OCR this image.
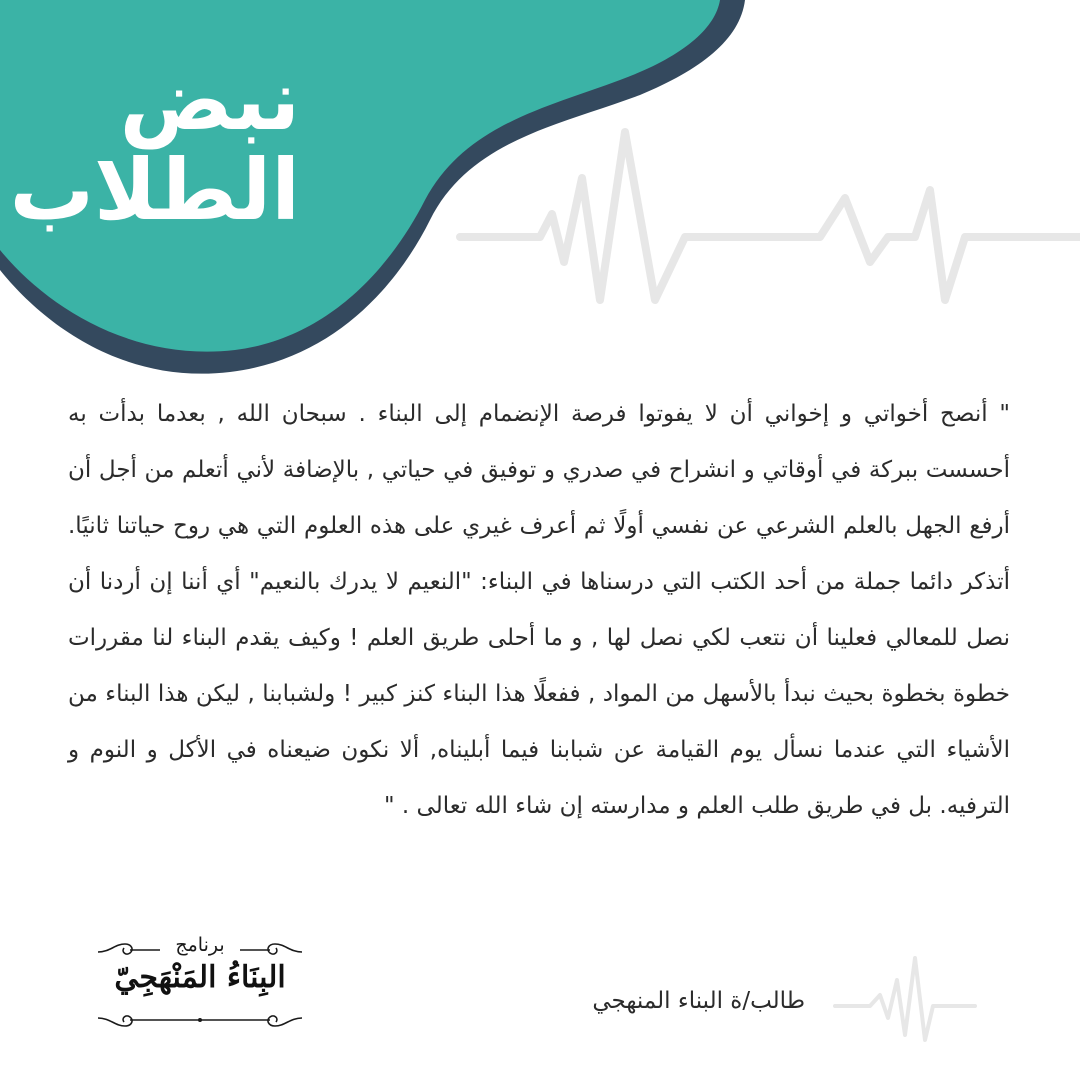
نبض
الطلاب

" أنصح أخواتي و إخواني أن لا يفوتوا فرصة الإنضمام إلى البناء . سبحان الله , بعدما بدأت به أحسست ببركة في أوقاتي و انشراح في صدري و توفيق في حياتي , بالإضافة لأني أتعلم من أجل أن أرفع الجهل بالعلم الشرعي عن نفسي أولًا ثم أعرف غيري على هذه العلوم التي هي روح حياتنا ثانيًا. أتذكر دائما جملة من أحد الكتب التي درسناها في البناء: "النعيم لا يدرك بالنعيم" أي أننا إن أردنا أن نصل للمعالي فعلينا أن نتعب لكي نصل لها , و ما أحلى طريق العلم ! وكيف يقدم البناء لنا مقررات خطوة بخطوة بحيث نبدأ بالأسهل من المواد , ففعلًا هذا البناء كنز كبير ! ولشبابنا , ليكن هذا البناء من الأشياء التي عندما نسأل يوم القيامة عن شبابنا فيما أبليناه, ألا نكون ضيعناه في الأكل و النوم و الترفيه. بل في طريق طلب العلم و مدارسته إن شاء الله تعالى . "

برنامج
البِنَاءُ المَنْهَجِيّ
طالب/ة البناء المنهجي
